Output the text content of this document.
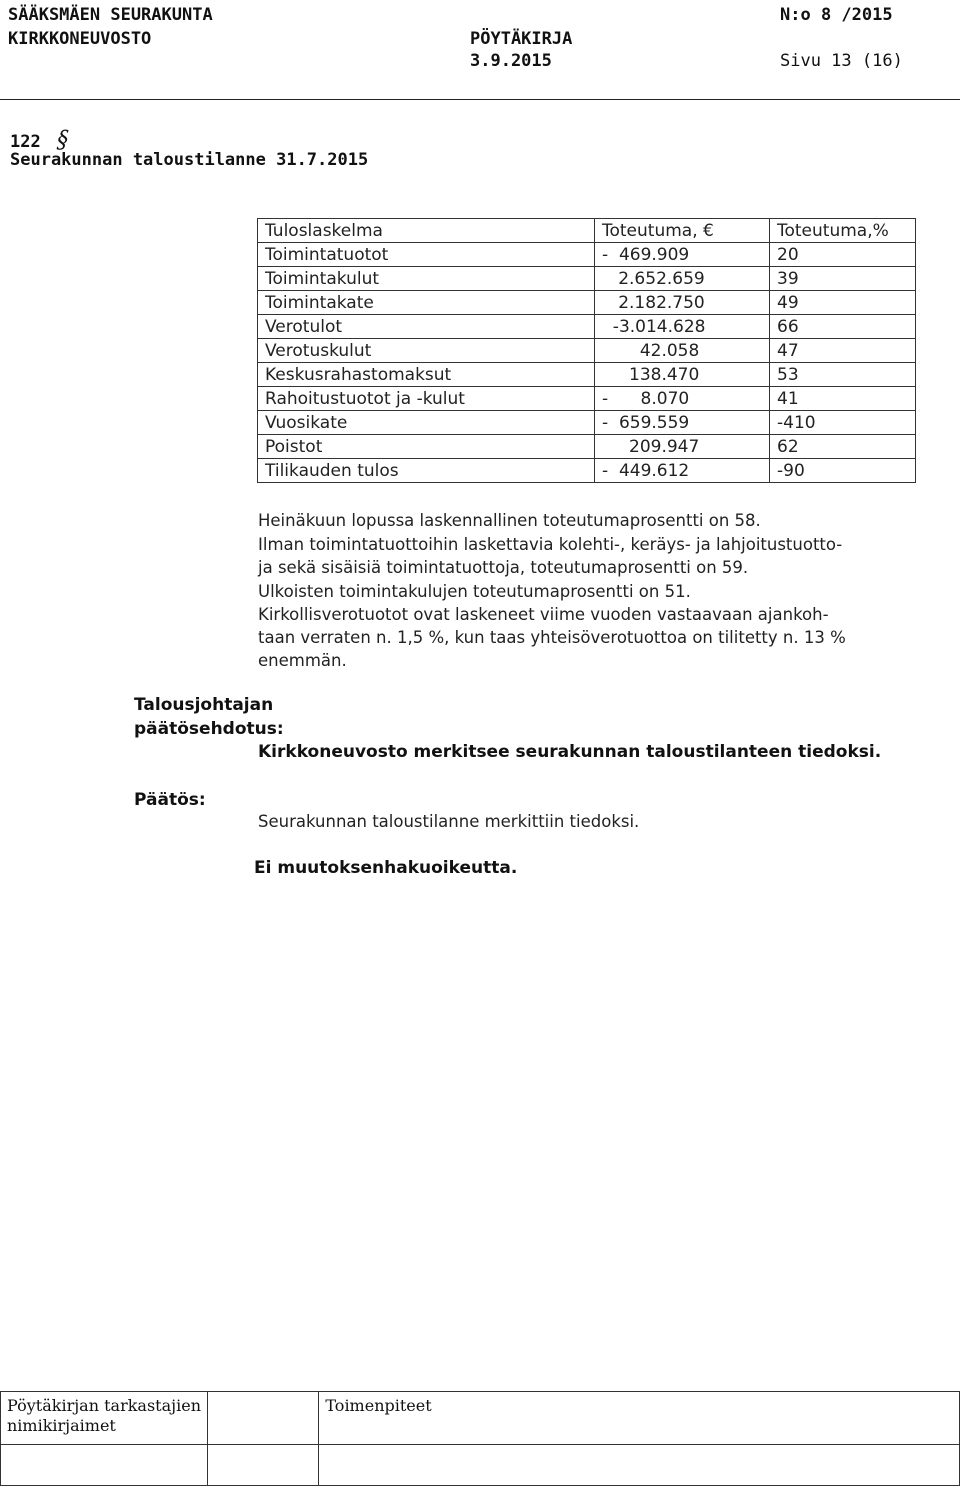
SÄÄKSMÄEN SEURAKUNTA
KIRKKONEUVOSTO	PÖYTÄKIRJA
3.9.2015
N:o 8 /2015
Sivu 13 (16)
122 §
Seurakunnan taloustilanne 31.7.2015
Tuloslaskelma	Toteutuma, €	Toteutuma,%
Toimintatuotot	-  469.909	20
Toimintakulut	2.652.659	39
Toimintakate	2.182.750	49
Verotulot	-3.014.628	66
Verotuskulut	42.058	47
Keskusrahastomaksut	138.470	53
Rahoitustuotot ja -kulut	-      8.070	41
Vuosikate	-  659.559	-410
Poistot	209.947	62
Tilikauden tulos	-  449.612	-90
Heinäkuun lopussa laskennallinen toteutumaprosentti on 58.
Ilman toimintatuottoihin laskettavia kolehti-, keräys- ja lahjoitustuotto-
ja sekä sisäisiä toimintatuottoja, toteutumaprosentti on 59.
Ulkoisten toimintakulujen toteutumaprosentti on 51.
Kirkollisverotuotot ovat laskeneet viime vuoden vastaavaan ajankoh-
taan verraten n. 1,5 %, kun taas yhteisöverotuottoa on tilitetty n. 13 %
enemmän.
Talousjohtajan
päätösehdotus:
Kirkkoneuvosto merkitsee seurakunnan taloustilanteen tiedoksi.
Päätös:
Seurakunnan taloustilanne merkittiin tiedoksi.
Ei muutoksenhakuoikeutta.
Pöytäkirjan tarkastajien
nimikirjaimet		Toimenpiteet
